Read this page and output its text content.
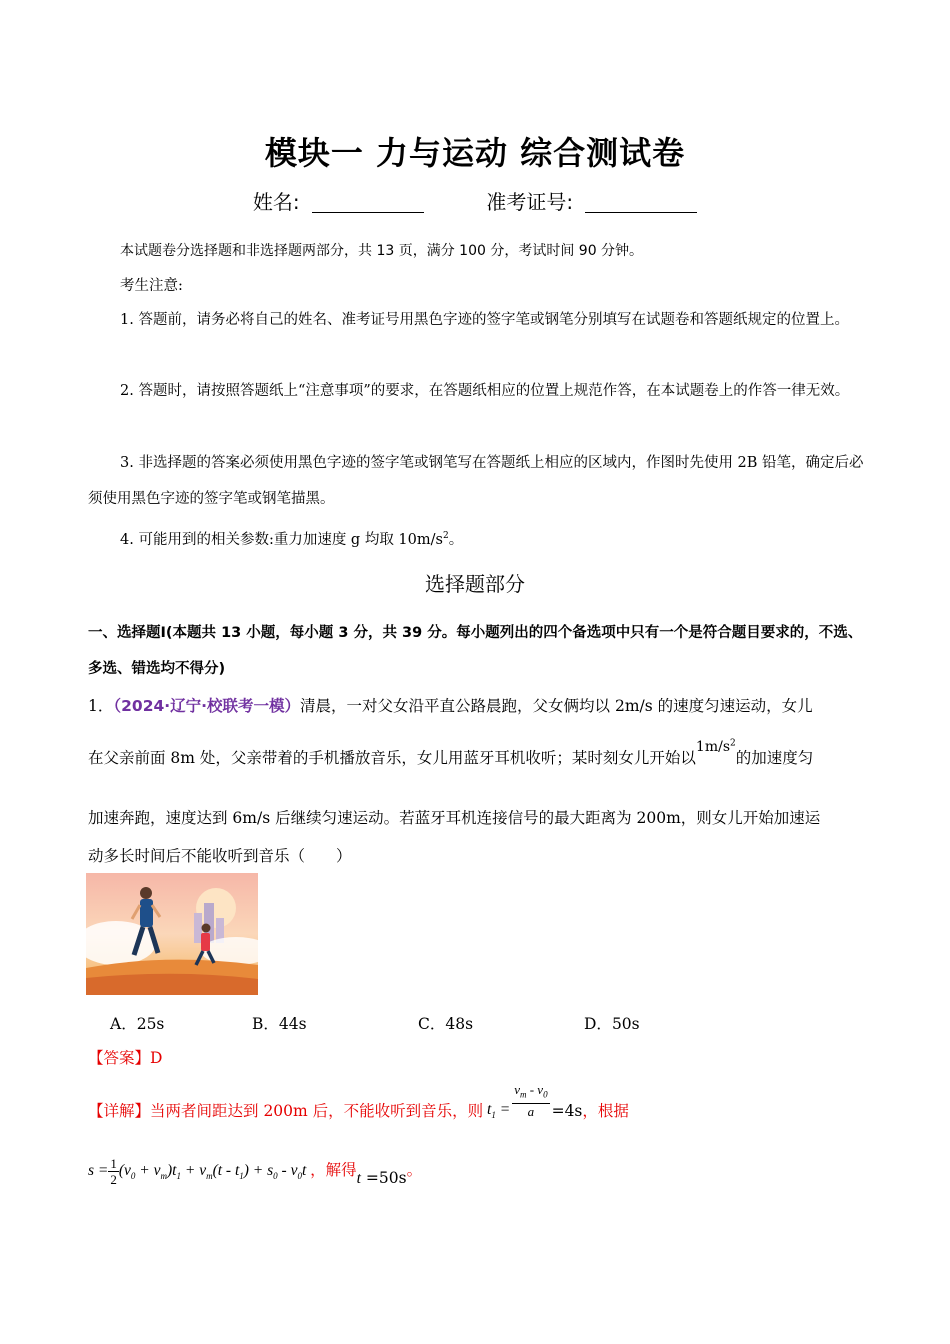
模块一 力与运动 综合测试卷
姓名:	准考证号:
本试题卷分选择题和非选择题两部分，共 13 页，满分 100 分，考试时间 90 分钟。
考生注意:
1. 答题前，请务必将自己的姓名、准考证号用黑色字迹的签字笔或钢笔分别填写在试题卷和答题纸规定的位置上。
2. 答题时，请按照答题纸上“注意事项”的要求，在答题纸相应的位置上规范作答，在本试题卷上的作答一律无效。
3. 非选择题的答案必须使用黑色字迹的签字笔或钢笔写在答题纸上相应的区域内，作图时先使用 2B 铅笔，确定后必须使用黑色字迹的签字笔或钢笔描黑。
4. 可能用到的相关参数:重力加速度 g 均取 $10m/s^2$。
选择题部分
一、选择题Ⅰ(本题共 13 小题，每小题 3 分，共 39 分。每小题列出的四个备选项中只有一个是符合题目要求的，不选、多选、错选均不得分)
1．（2024·辽宁·校联考一模）清晨，一对父女沿平直公路晨跑，父女俩均以 2m/s 的速度匀速运动，女儿
在父亲前面 8m 处，父亲带着的手机播放音乐，女儿用蓝牙耳机收听；某时刻女儿开始以$1m/s^2$的加速度匀
加速奔跑，速度达到 6m/s 后继续匀速运动。若蓝牙耳机连接信号的最大距离为 200m，则女儿开始加速运
动多长时间后不能收听到音乐（　　）
A．25s	B．44s	C．48s	D．50s
【答案】D
【详解】当两者间距达到 200m 后，不能收听到音乐，则 $t_1 = \frac{v_m - v_0}{a} =4s$，根据
$s = \frac{1}{2} (v_0 + v_m)t_1 + v_m(t - t_1) + s_0 - v_0t$ ，解得t =50s。
